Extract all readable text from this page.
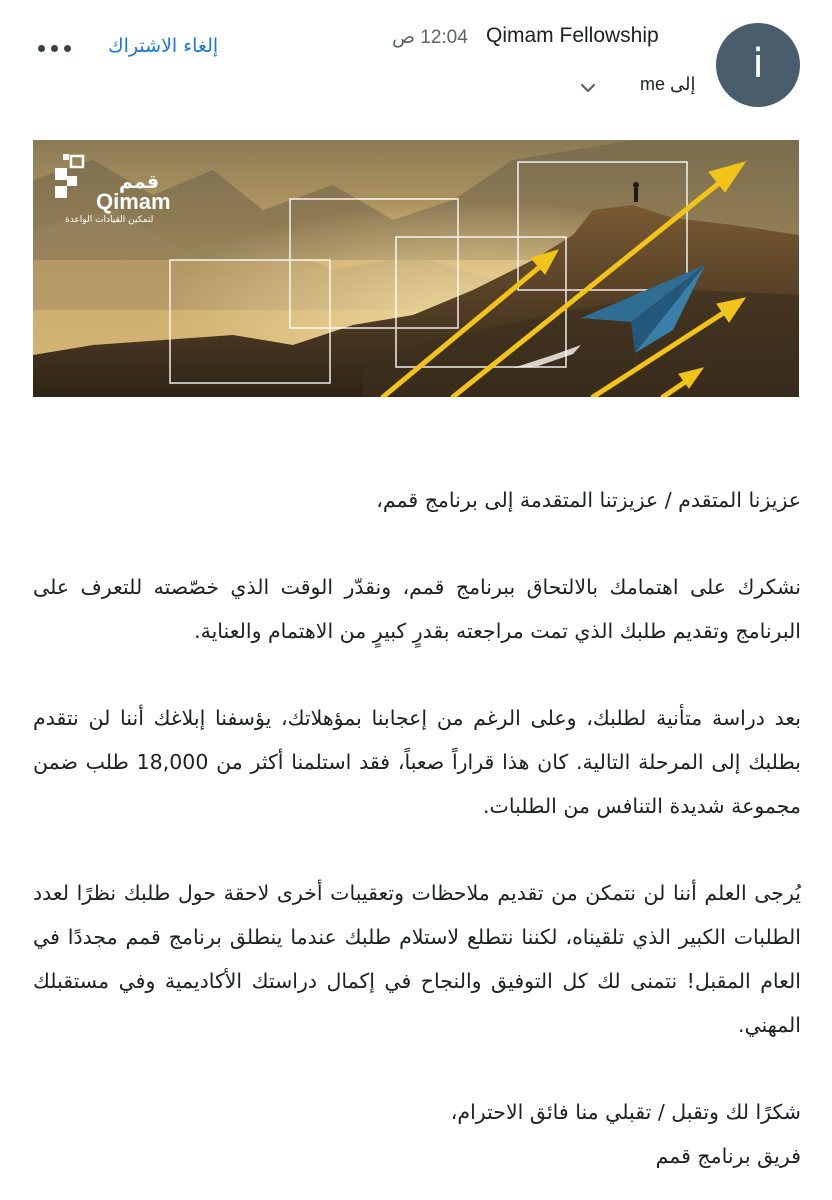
i
Qimam Fellowship
12:04 ص
إلى me
إلغاء الاشتراك
قمم
Qimam
لتمكين القيادات الواعدة

عزيزنا المتقدم / عزيزتنا المتقدمة إلى برنامج قمم،

نشكرك على اهتمامك بالالتحاق ببرنامج قمم، ونقدّر الوقت الذي خصّصته للتعرف على البرنامج وتقديم طلبك الذي تمت مراجعته بقدرٍ كبيرٍ من الاهتمام والعناية.

بعد دراسة متأنية لطلبك، وعلى الرغم من إعجابنا بمؤهلاتك، يؤسفنا إبلاغك أننا لن نتقدم بطلبك إلى المرحلة التالية. كان هذا قراراً صعباً، فقد استلمنا أكثر من 18,000 طلب ضمن مجموعة شديدة التنافس من الطلبات.

يُرجى العلم أننا لن نتمكن من تقديم ملاحظات وتعقيبات أخرى لاحقة حول طلبك نظرًا لعدد الطلبات الكبير الذي تلقيناه، لكننا نتطلع لاستلام طلبك عندما ينطلق برنامج قمم مجددًا في العام المقبل! نتمنى لك كل التوفيق والنجاح في إكمال دراستك الأكاديمية وفي مستقبلك المهني.

شكرًا لك وتقبل / تقبلي منا فائق الاحترام،

فريق برنامج قمم
